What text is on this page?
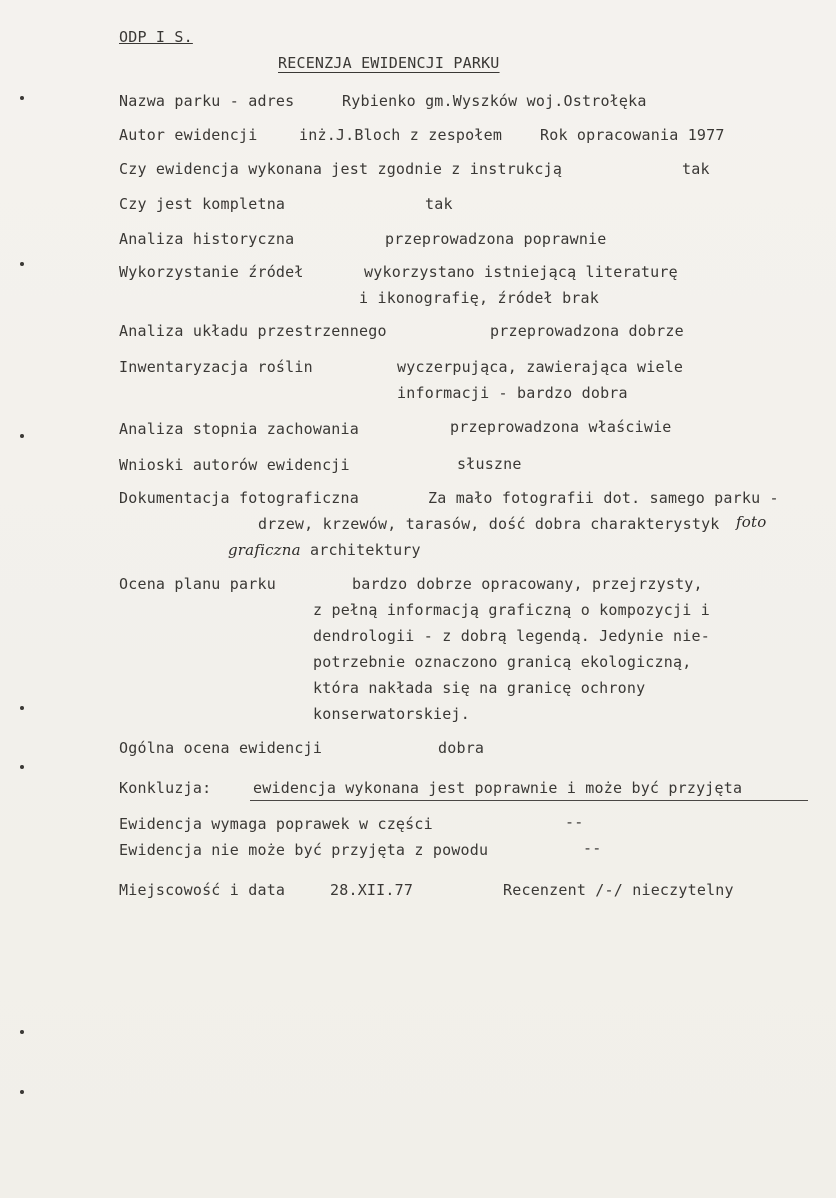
ODP I S.
RECENZJA EWIDENCJI PARKU
Nazwa parku - adres	Rybienko gm.Wyszków woj.Ostrołęka
Autor ewidencji	inż.J.Bloch z zespołem	Rok opracowania 1977
Czy ewidencja wykonana jest zgodnie z instrukcją	tak
Czy jest kompletna	tak
Analiza historyczna	przeprowadzona poprawnie
Wykorzystanie źródeł	wykorzystano istniejącą literaturę
i ikonografię, źródeł brak
Analiza układu przestrzennego	przeprowadzona dobrze
Inwentaryzacja roślin	wyczerpująca, zawierająca wiele
informacji - bardzo dobra
Analiza stopnia zachowania	przeprowadzona właściwie
Wnioski autorów ewidencji	słuszne
Dokumentacja fotograficzna	Za mało fotografii dot. samego parku -
drzew, krzewów, tarasów, dość dobra charakterystyk foto
graficzna architektury
Ocena planu parku	bardzo dobrze opracowany, przejrzysty,
z pełną informacją graficzną o kompozycji i
dendrologii - z dobrą legendą. Jedynie nie-
potrzebnie oznaczono granicą ekologiczną,
która nakłada się na granicę ochrony
konserwatorskiej.
Ogólna ocena ewidencji	dobra
Konkluzja:	ewidencja wykonana jest poprawnie i może być przyjęta
Ewidencja wymaga poprawek w części	--
Ewidencja nie może być przyjęta z powodu	--
Miejscowość i data	28.XII.77	Recenzent /-/ nieczytelny
